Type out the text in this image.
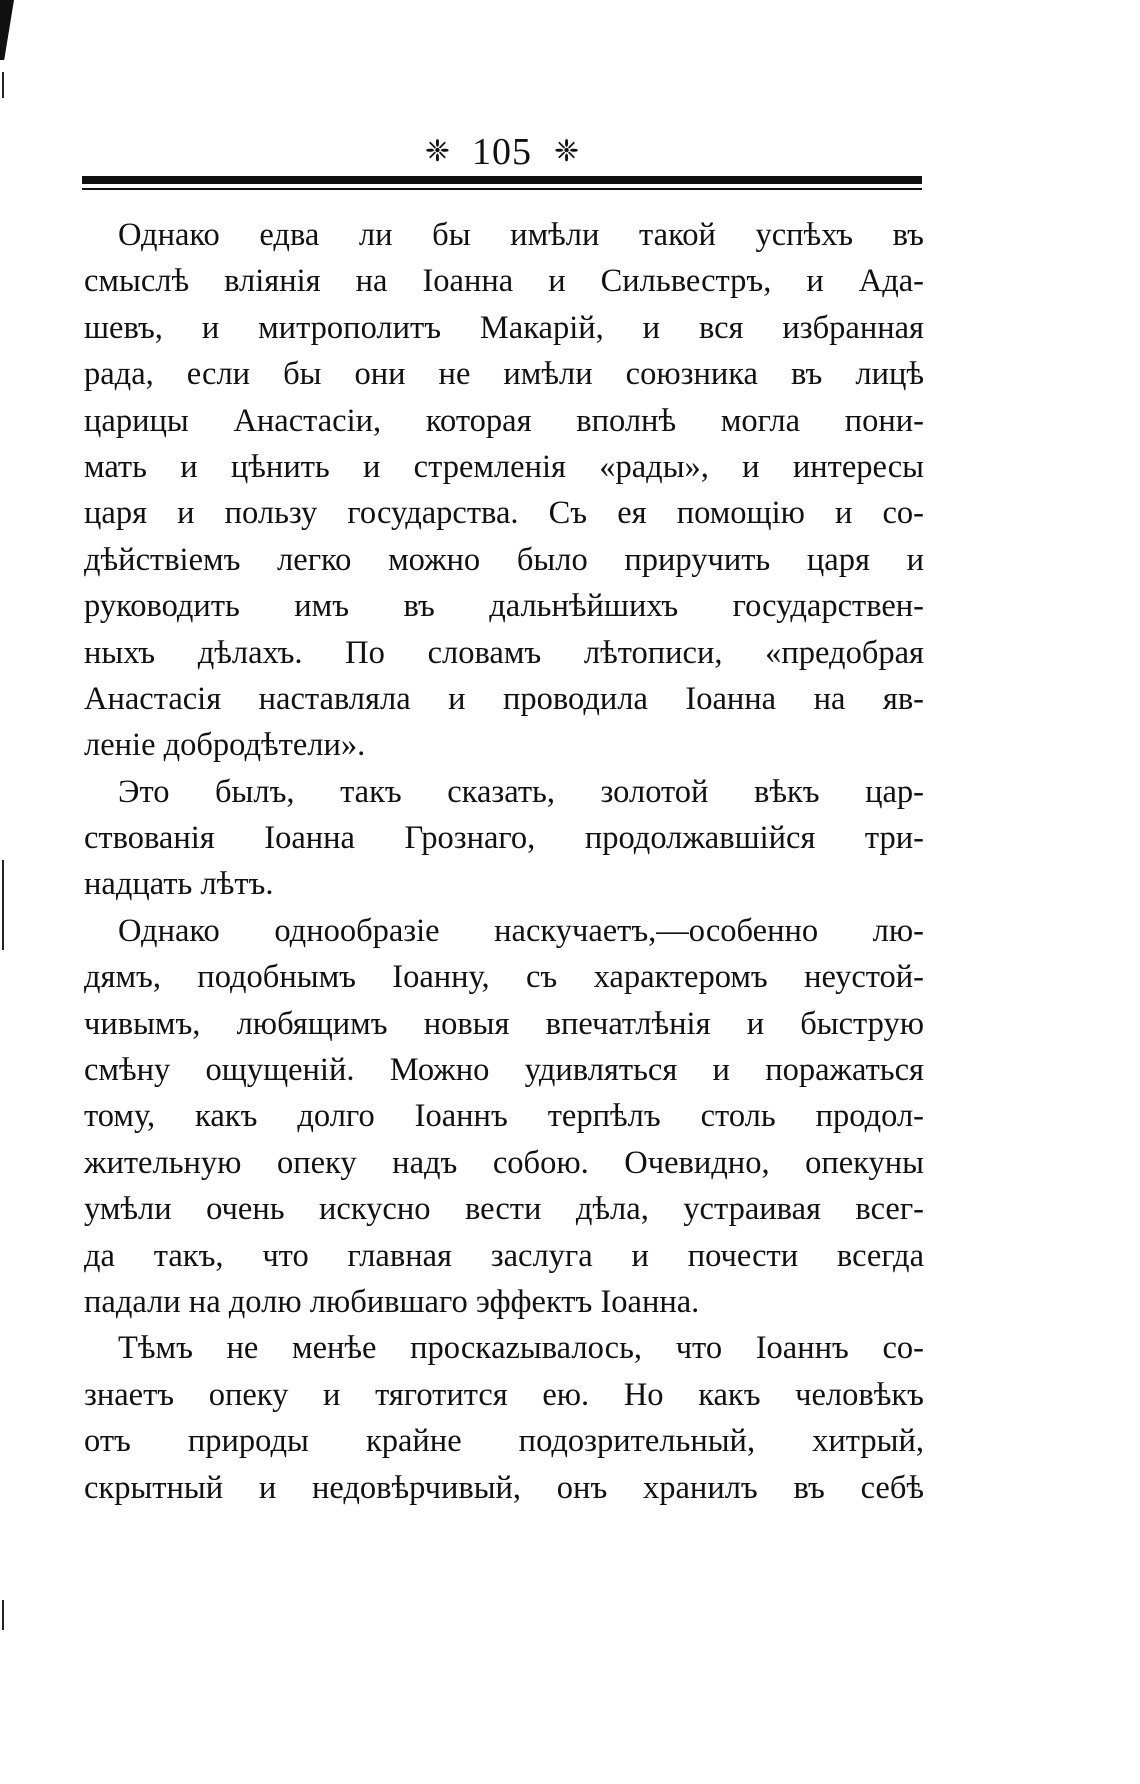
❈ 105 ❈
Однако едва ли бы имѣли такой успѣхъ въ
смыслѣ вліянія на Іоанна и Сильвестръ, и Ада-
шевъ, и митрополитъ Макарій, и вся избранная
рада, если бы они не имѣли союзника въ лицѣ
царицы Анастасіи, которая вполнѣ могла пони-
мать и цѣнить и стремленія «рады», и интересы
царя и пользу государства. Съ ея помощію и со-
дѣйствіемъ легко можно было приручить царя и
руководить имъ въ дальнѣйшихъ государствен-
ныхъ дѣлахъ. По словамъ лѣтописи, «предобрая
Анастасія наставляла и проводила Іоанна на яв-
леніе добродѣтели».
Это былъ, такъ сказать, золотой вѣкъ цар-
ствованія Іоанна Грознаго, продолжавшійся три-
надцать лѣтъ.
Однако однообразіе наскучаетъ,—особенно лю-
дямъ, подобнымъ Іоанну, съ характеромъ неустой-
чивымъ, любящимъ новыя впечатлѣнія и быструю
смѣну ощущеній. Можно удивляться и поражаться
тому, какъ долго Іоаннъ терпѣлъ столь продол-
жительную опеку надъ собою. Очевидно, опекуны
умѣли очень искусно вести дѣла, устраивая всег-
да такъ, что главная заслуга и почести всегда
падали на долю любившаго эффектъ Іоанна.
Тѣмъ не менѣе проскazывалось, что Іоаннъ со-
знаетъ опеку и тяготится ею. Но какъ человѣкъ
отъ природы крайне подозрительный, хитрый,
скрытный и недовѣрчивый, онъ хранилъ въ себѣ
